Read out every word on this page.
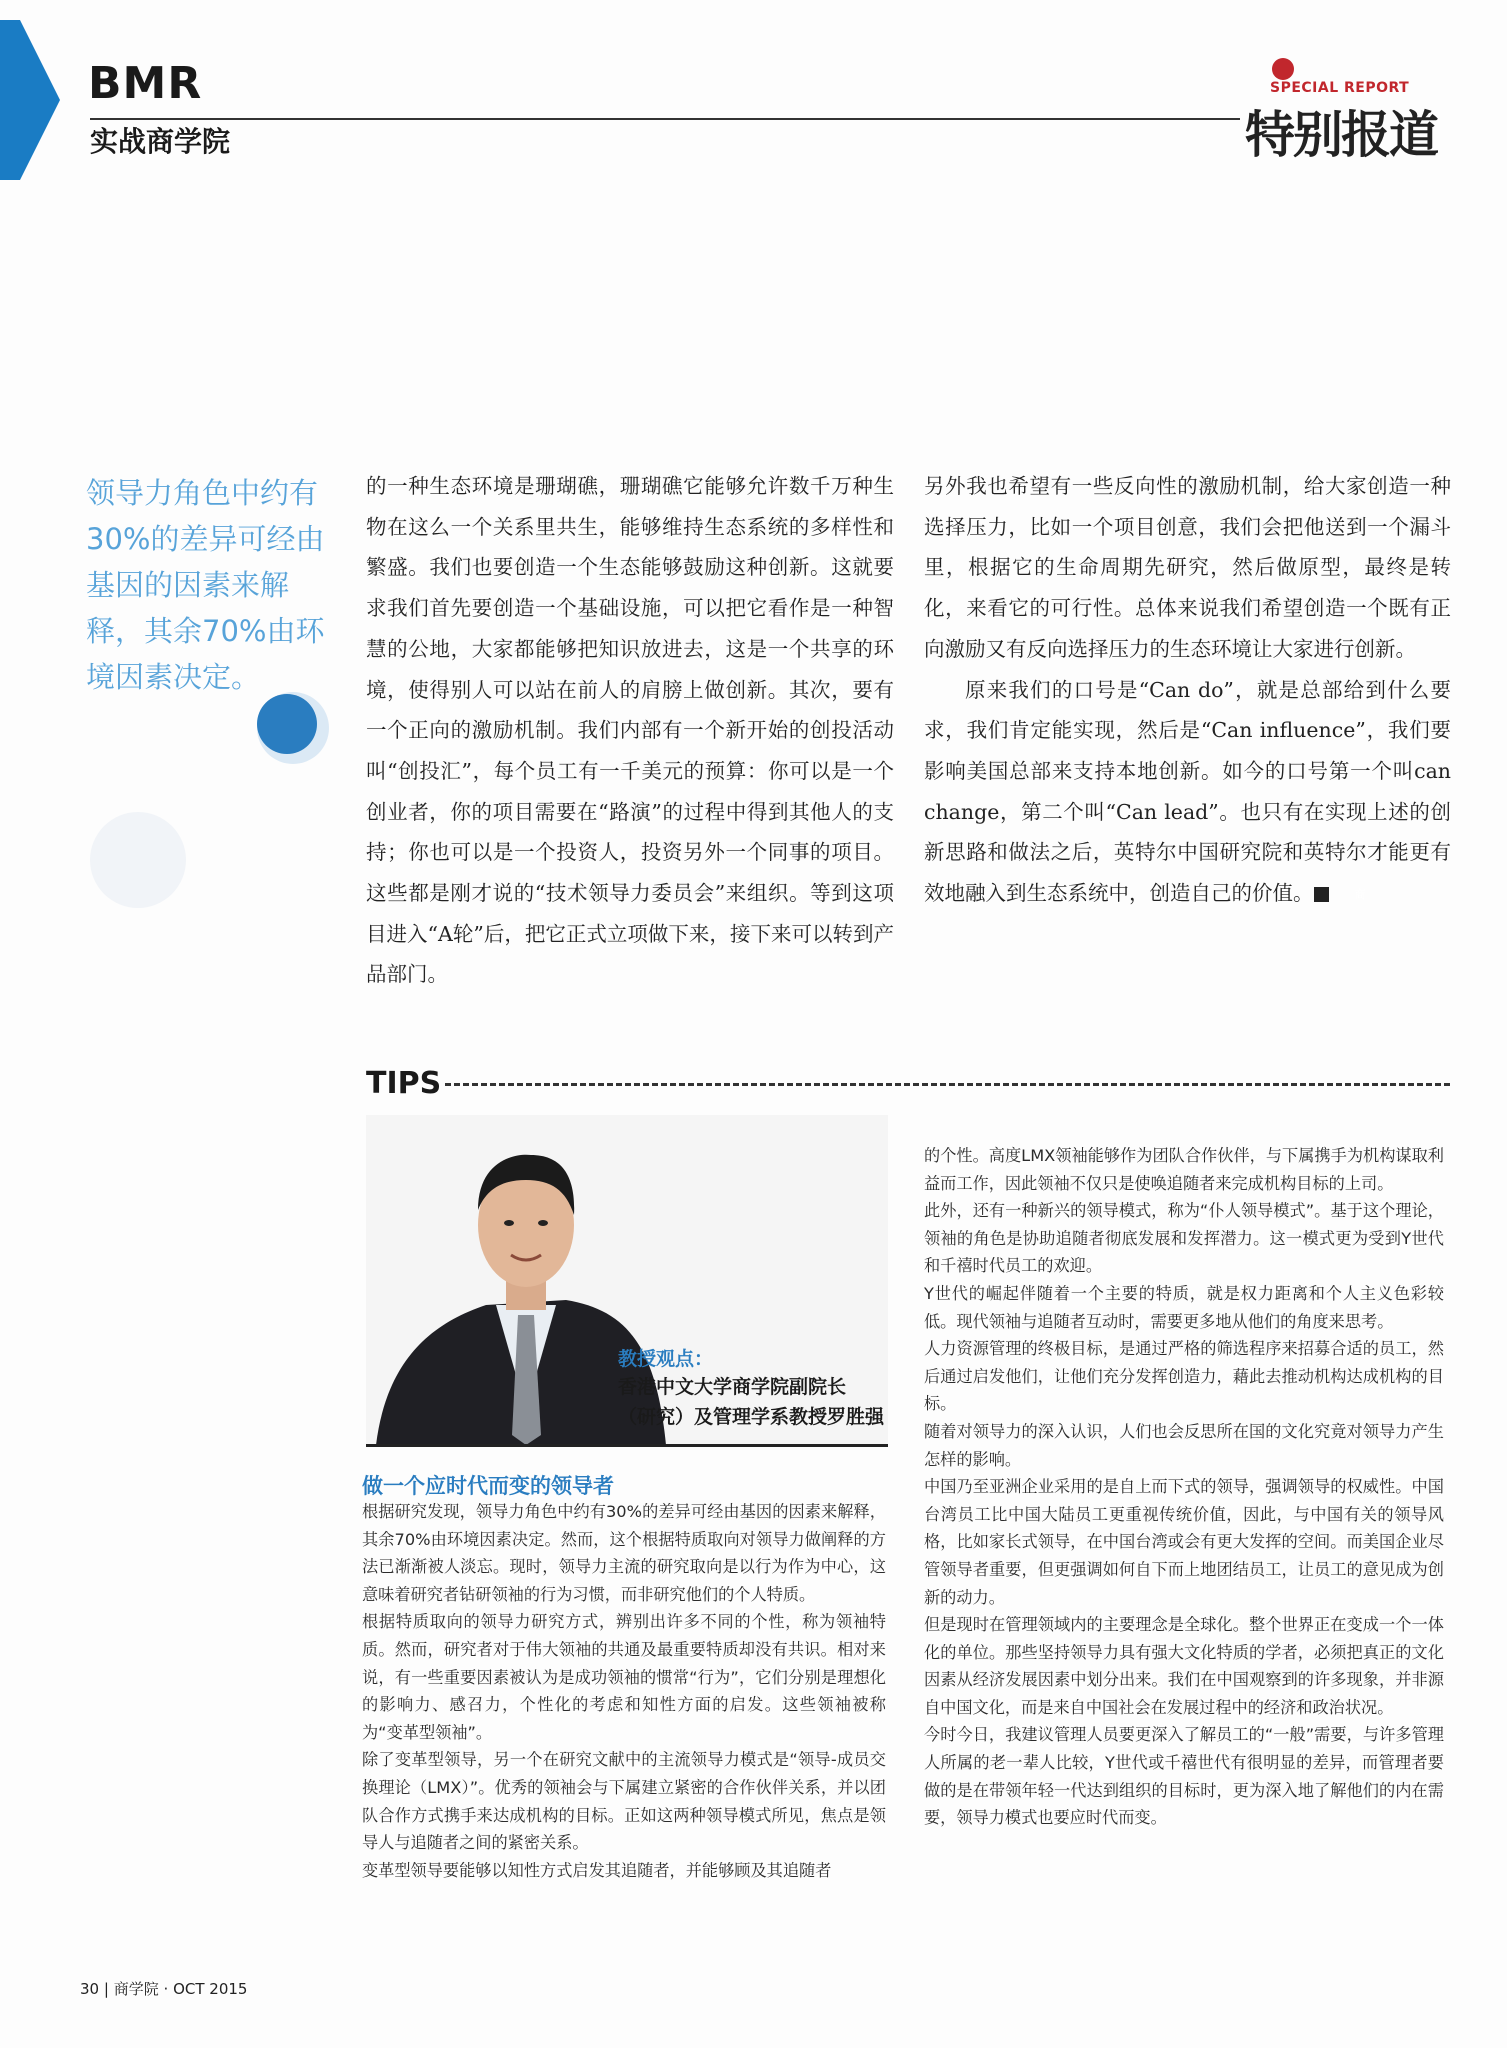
BMR
实战商学院
SPECIAL REPORT
特别报道
领导力角色中约有30%的差异可经由基因的因素来解释，其余70%由环境因素决定。

的一种生态环境是珊瑚礁，珊瑚礁它能够允许数千万种生物在这么一个关系里共生，能够维持生态系统的多样性和繁盛。我们也要创造一个生态能够鼓励这种创新。这就要求我们首先要创造一个基础设施，可以把它看作是一种智慧的公地，大家都能够把知识放进去，这是一个共享的环境，使得别人可以站在前人的肩膀上做创新。其次，要有一个正向的激励机制。我们内部有一个新开始的创投活动叫“创投汇”，每个员工有一千美元的预算：你可以是一个创业者，你的项目需要在“路演”的过程中得到其他人的支持；你也可以是一个投资人，投资另外一个同事的项目。这些都是刚才说的“技术领导力委员会”来组织。等到这项目进入“A轮”后，把它正式立项做下来，接下来可以转到产品部门。

另外我也希望有一些反向性的激励机制，给大家创造一种选择压力，比如一个项目创意，我们会把他送到一个漏斗里，根据它的生命周期先研究，然后做原型，最终是转化，来看它的可行性。总体来说我们希望创造一个既有正向激励又有反向选择压力的生态环境让大家进行创新。

原来我们的口号是“Can do”，就是总部给到什么要求，我们肯定能实现，然后是“Can influence”，我们要影响美国总部来支持本地创新。如今的口号第一个叫can change，第二个叫“Can lead”。也只有在实现上述的创新思路和做法之后，英特尔中国研究院和英特尔才能更有效地融入到生态系统中，创造自己的价值。	商

TIPS
教授观点：
香港中文大学商学院副院长
（研究）及管理学系教授罗胜强
做一个应时代而变的领导者

根据研究发现，领导力角色中约有30%的差异可经由基因的因素来解释，其余70%由环境因素决定。然而，这个根据特质取向对领导力做阐释的方法已渐渐被人淡忘。现时，领导力主流的研究取向是以行为作为中心，这意味着研究者钻研领袖的行为习惯，而非研究他们的个人特质。

根据特质取向的领导力研究方式，辨别出许多不同的个性，称为领袖特质。然而，研究者对于伟大领袖的共通及最重要特质却没有共识。相对来说，有一些重要因素被认为是成功领袖的惯常“行为”，它们分别是理想化的影响力、感召力，个性化的考虑和知性方面的启发。这些领袖被称为“变革型领袖”。

除了变革型领导，另一个在研究文献中的主流领导力模式是“领导-成员交换理论（LMX）”。优秀的领袖会与下属建立紧密的合作伙伴关系，并以团队合作方式携手来达成机构的目标。正如这两种领导模式所见，焦点是领导人与追随者之间的紧密关系。

变革型领导要能够以知性方式启发其追随者，并能够顾及其追随者

的个性。高度LMX领袖能够作为团队合作伙伴，与下属携手为机构谋取利益而工作，因此领袖不仅只是使唤追随者来完成机构目标的上司。

此外，还有一种新兴的领导模式，称为“仆人领导模式”。基于这个理论，领袖的角色是协助追随者彻底发展和发挥潜力。这一模式更为受到Y世代和千禧时代员工的欢迎。

Y世代的崛起伴随着一个主要的特质，就是权力距离和个人主义色彩较低。现代领袖与追随者互动时，需要更多地从他们的角度来思考。

人力资源管理的终极目标，是通过严格的筛选程序来招募合适的员工，然后通过启发他们，让他们充分发挥创造力，藉此去推动机构达成机构的目标。

随着对领导力的深入认识，人们也会反思所在国的文化究竟对领导力产生怎样的影响。

中国乃至亚洲企业采用的是自上而下式的领导，强调领导的权威性。中国台湾员工比中国大陆员工更重视传统价值，因此，与中国有关的领导风格，比如家长式领导，在中国台湾或会有更大发挥的空间。而美国企业尽管领导者重要，但更强调如何自下而上地团结员工，让员工的意见成为创新的动力。

但是现时在管理领域内的主要理念是全球化。整个世界正在变成一个一体化的单位。那些坚持领导力具有强大文化特质的学者，必须把真正的文化因素从经济发展因素中划分出来。我们在中国观察到的许多现象，并非源自中国文化，而是来自中国社会在发展过程中的经济和政治状况。

今时今日，我建议管理人员要更深入了解员工的“一般”需要，与许多管理人所属的老一辈人比较，Y世代或千禧世代有很明显的差异，而管理者要做的是在带领年轻一代达到组织的目标时，更为深入地了解他们的内在需要，领导力模式也要应时代而变。

30 | 商学院 · OCT 2015
